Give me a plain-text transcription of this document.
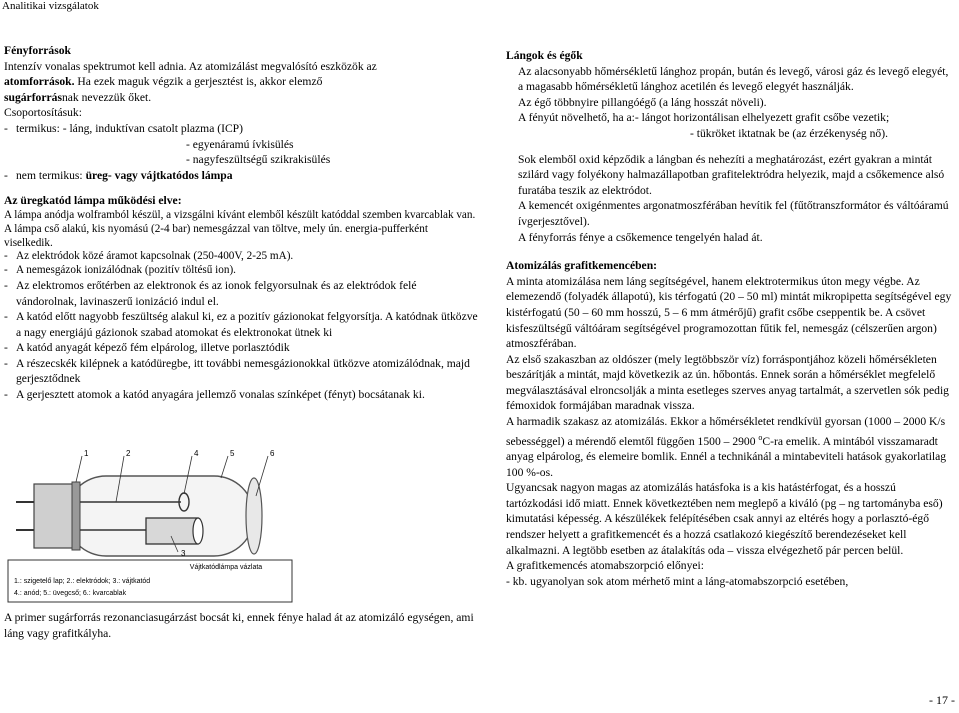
Analitikai vizsgálatok

Fényforrások

Intenzív vonalas spektrumot kell adnia. Az atomizálást megvalósító eszközök az

atomforrások. Ha ezek maguk végzik a gerjesztést is, akkor elemző

sugárforrásnak nevezzük őket.

Csoportosításuk:

- termikus: - láng, induktívan csatolt plazma (ICP)

- egyenáramú ívkisülés

- nagyfeszültségű szikrakisülés

- nem termikus: üreg- vagy vájtkatódos lámpa

Az üregkatód lámpa működési elve:

A lámpa anódja wolframból készül, a vizsgálni kívánt elemből készült katóddal szemben kvarcablak van. A lámpa cső alakú, kis nyomású (2-4 bar) nemesgázzal van töltve, mely ún. energia-pufferként viselkedik.

- Az elektródok közé áramot kapcsolnak (250-400V, 2-25 mA).
- A nemesgázok ionizálódnak (pozitív töltésű ion).
- Az elektromos erőtérben az elektronok és az ionok felgyorsulnak és az elektródok felé vándorolnak, lavinaszerű ionizáció indul el.
- A katód előtt nagyobb feszültség alakul ki, ez a pozitív gázionokat felgyorsítja. A katódnak ütközve a nagy energiájú gázionok szabad atomokat és elektronokat ütnek ki
- A katód anyagát képező fém elpárolog, illetve porlasztódik
- A részecskék kilépnek a katódüregbe, itt további nemesgázionokkal ütközve atomizálódnak, majd gerjesztődnek
- A gerjesztett atomok a katód anyagára jellemző vonalas színképet (fényt) bocsátanak ki.
Vájtkatódlámpa vázlata
1.: szigetelő lap; 2.: elektródok; 3.: vájtkatód
4.: anód; 5.: üvegcső; 6.: kvarcablak
1	2
3
4	5	6

A primer sugárforrás rezonanciasugárzást bocsát ki, ennek fénye halad át az atomizáló egységen, ami láng vagy grafitkályha.

Lángok és égők

Az alacsonyabb hőmérsékletű lánghoz propán, bután és levegő, városi gáz és levegő elegyét, a magasabb hőmérsékletű lánghoz acetilén és levegő elegyét használják.

Az égő többnyire pillangóégő (a láng hosszát növeli).

A fényút növelhető, ha a:- lángot horizontálisan elhelyezett grafit csőbe vezetik;

- tükröket iktatnak be (az érzékenység nő).

Sok elemből oxid képződik a lángban és nehezíti a meghatározást, ezért gyakran a mintát szilárd vagy folyékony halmazállapotban grafitelektródra helyezik, majd a csőkemence alsó furatába teszik az elektródot.

A kemencét oxigénmentes argonatmoszférában hevítik fel (fűtőtranszformátor és váltóáramú ívgerjesztővel).

A fényforrás fénye a csőkemence tengelyén halad át.

Atomizálás grafitkemencében:

A minta atomizálása nem láng segítségével, hanem elektrotermikus úton megy végbe. Az elemezendő (folyadék állapotú), kis térfogatú (20 – 50 ml) mintát mikropipetta segítségével egy kistérfogatú (50 – 60 mm hosszú, 5 – 6 mm átmérőjű) grafit csőbe cseppentik be. A csövet kisfeszültségű váltóáram segítségével programozottan fűtik fel, nemesgáz (célszerűen argon) atmoszférában.

Az első szakaszban az oldószer (mely legtöbbször víz) forráspontjához közeli hőmérsékleten beszárítják a mintát, majd következik az ún. hőbontás. Ennek során a hőmérséklet megfelelő megválasztásával elroncsolják a minta esetleges szerves anyag tartalmát, a szervetlen sók pedig fémoxidok formájában maradnak vissza.

A harmadik szakasz az atomizálás. Ekkor a hőmérsékletet rendkívül gyorsan (1000 – 2000 K/s sebességgel) a mérendő elemtől függően 1500 – 2900 $^o$C-ra emelik. A mintából visszamaradt anyag elpárolog, és elemeire bomlik. Ennél a technikánál a mintabeviteli hatások gyakorlatilag 100 %-os.

Ugyancsak nagyon magas az atomizálás hatásfoka is a kis hatástérfogat, és a hosszú tartózkodási idő miatt. Ennek következtében nem meglepő a kiváló (pg – ng tartományba eső) kimutatási képesség. A készülékek felépítésében csak annyi az eltérés hogy a porlasztó-égő rendszer helyett a grafitkemencét és a hozzá csatlakozó kiegészítő berendezéseket kell alkalmazni. A legtöbb esetben az átalakítás oda – vissza elvégezhető pár percen belül.

A grafitkemencés atomabszorpció előnyei:

- kb. ugyanolyan sok atom mérhető mint a láng-atomabszorpció esetében,

- 17 -
